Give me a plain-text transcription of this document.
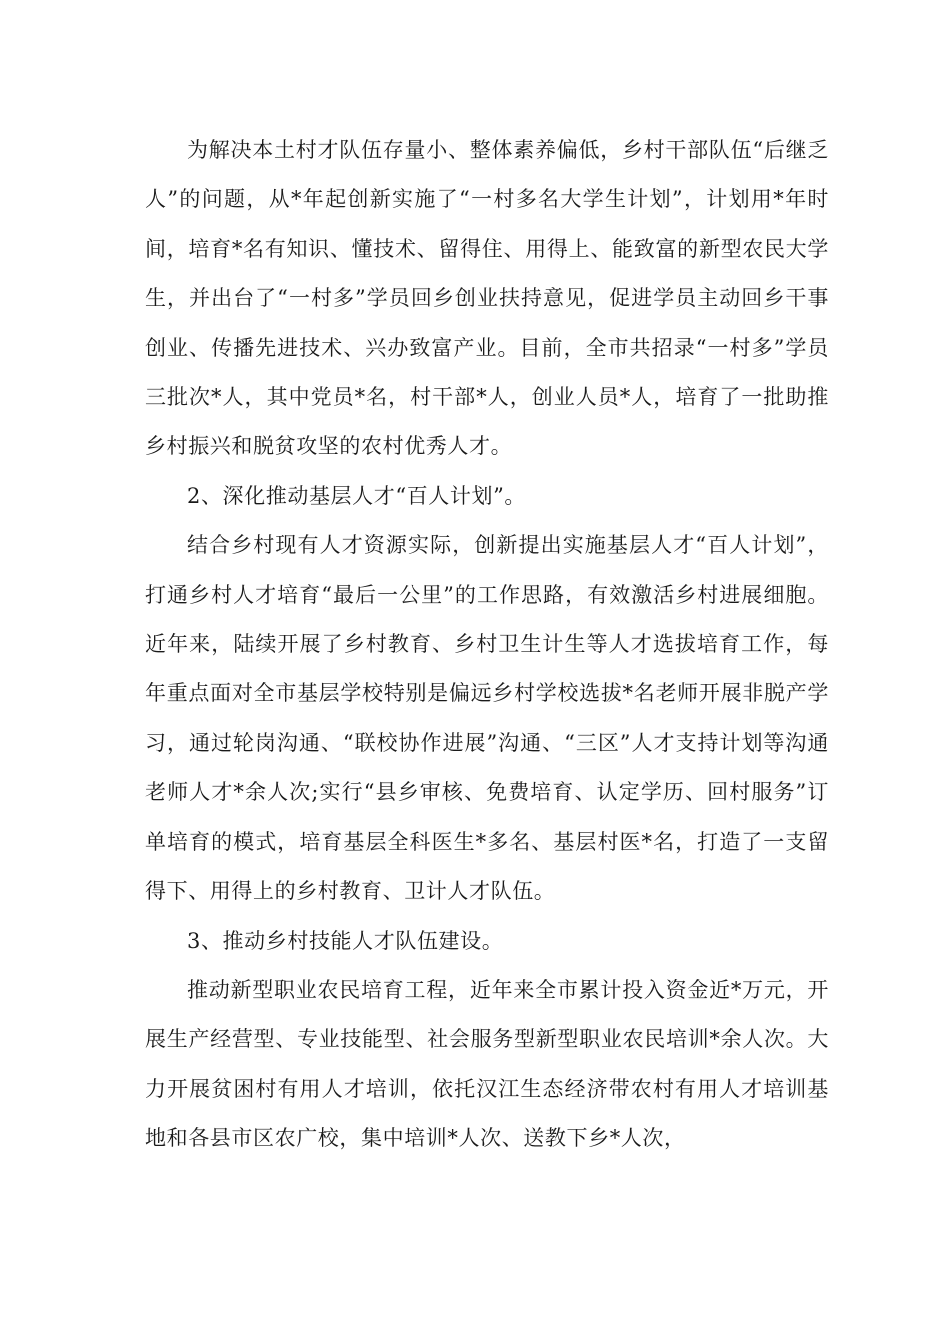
为解决本土村才队伍存量小、整体素养偏低，乡村干部队伍“后继乏人”的问题，从*年起创新实施了“一村多名大学生计划”，计划用*年时间，培育*名有知识、懂技术、留得住、用得上、能致富的新型农民大学生，并出台了“一村多”学员回乡创业扶持意见，促进学员主动回乡干事创业、传播先进技术、兴办致富产业。目前，全市共招录“一村多”学员三批次*人，其中党员*名，村干部*人，创业人员*人，培育了一批助推乡村振兴和脱贫攻坚的农村优秀人才。

2、深化推动基层人才“百人计划”。

结合乡村现有人才资源实际，创新提出实施基层人才“百人计划”，打通乡村人才培育“最后一公里”的工作思路，有效激活乡村进展细胞。近年来，陆续开展了乡村教育、乡村卫生计生等人才选拔培育工作，每年重点面对全市基层学校特别是偏远乡村学校选拔*名老师开展非脱产学习，通过轮岗沟通、“联校协作进展”沟通、“三区”人才支持计划等沟通老师人才*余人次;实行“县乡审核、免费培育、认定学历、回村服务”订单培育的模式，培育基层全科医生*多名、基层村医*名，打造了一支留得下、用得上的乡村教育、卫计人才队伍。

3、推动乡村技能人才队伍建设。

推动新型职业农民培育工程，近年来全市累计投入资金近*万元，开展生产经营型、专业技能型、社会服务型新型职业农民培训*余人次。大力开展贫困村有用人才培训，依托汉江生态经济带农村有用人才培训基地和各县市区农广校，集中培训*人次、送教下乡*人次，
